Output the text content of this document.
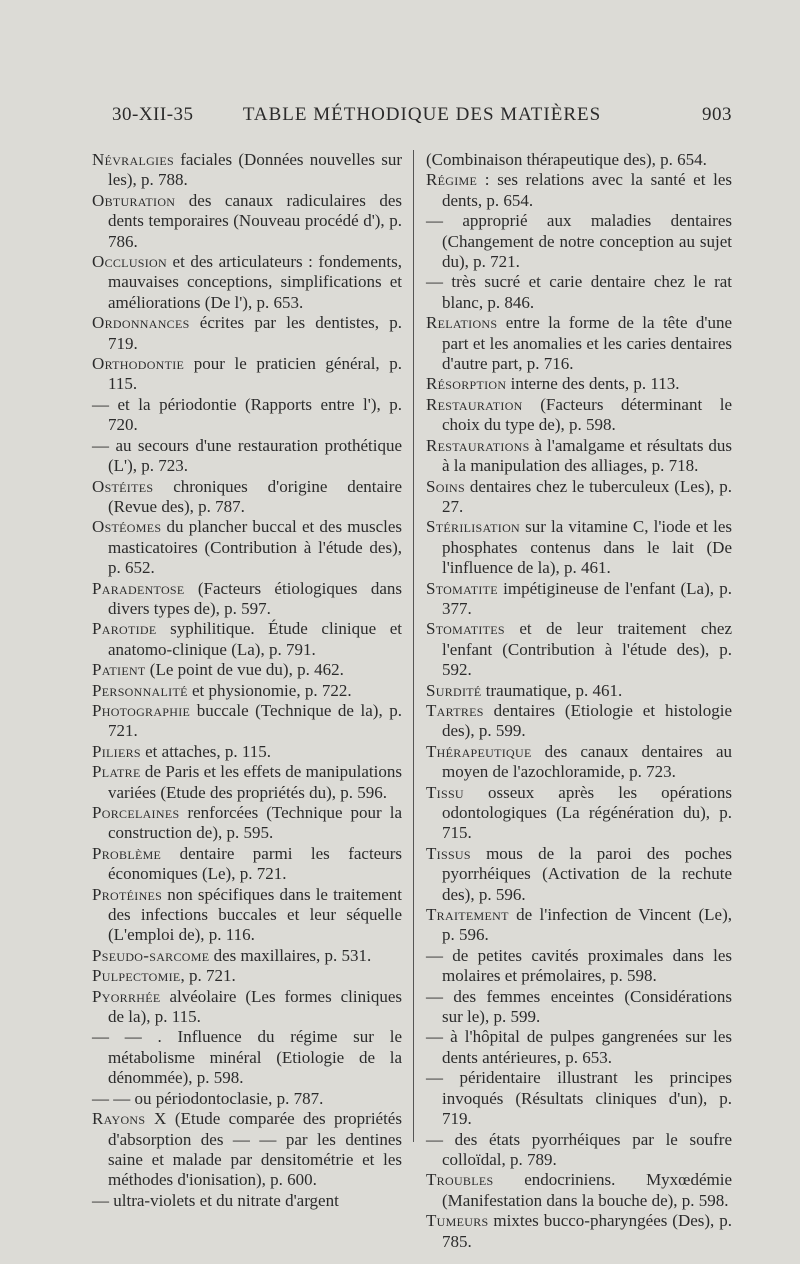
30-XII-35	TABLE MÉTHODIQUE DES MATIÈRES	903

Névralgies faciales (Données nouvelles sur les), p. 788.

Obturation des canaux radiculaires des dents temporaires (Nouveau procédé d'), p. 786.

Occlusion et des articulateurs : fondements, mauvaises conceptions, simplifications et améliorations (De l'), p. 653.

Ordonnances écrites par les dentistes, p. 719.

Orthodontie pour le praticien général, p. 115.

— et la périodontie (Rapports entre l'), p. 720.

— au secours d'une restauration prothétique (L'), p. 723.

Ostéites chroniques d'origine dentaire (Revue des), p. 787.

Ostéomes du plancher buccal et des muscles masticatoires (Contribution à l'étude des), p. 652.

Paradentose (Facteurs étiologiques dans divers types de), p. 597.

Parotide syphilitique. Étude clinique et anatomo-clinique (La), p. 791.

Patient (Le point de vue du), p. 462.

Personnalité et physionomie, p. 722.

Photographie buccale (Technique de la), p. 721.

Piliers et attaches, p. 115.

Platre de Paris et les effets de manipulations variées (Etude des propriétés du), p. 596.

Porcelaines renforcées (Technique pour la construction de), p. 595.

Problème dentaire parmi les facteurs économiques (Le), p. 721.

Protéines non spécifiques dans le traitement des infections buccales et leur séquelle (L'emploi de), p. 116.

Pseudo-sarcome des maxillaires, p. 531.

Pulpectomie, p. 721.

Pyorrhée alvéolaire (Les formes cliniques de la), p. 115.

— — . Influence du régime sur le métabolisme minéral (Etiologie de la dénommée), p. 598.

— — ou périodontoclasie, p. 787.

Rayons X (Etude comparée des propriétés d'absorption des — — par les dentines saine et malade par densitométrie et les méthodes d'ionisation), p. 600.

— ultra-violets et du nitrate d'argent

(Combinaison thérapeutique des), p. 654.

Régime : ses relations avec la santé et les dents, p. 654.

— approprié aux maladies dentaires (Changement de notre conception au sujet du), p. 721.

— très sucré et carie dentaire chez le rat blanc, p. 846.

Relations entre la forme de la tête d'une part et les anomalies et les caries dentaires d'autre part, p. 716.

Résorption interne des dents, p. 113.

Restauration (Facteurs déterminant le choix du type de), p. 598.

Restaurations à l'amalgame et résultats dus à la manipulation des alliages, p. 718.

Soins dentaires chez le tuberculeux (Les), p. 27.

Stérilisation sur la vitamine C, l'iode et les phosphates contenus dans le lait (De l'influence de la), p. 461.

Stomatite impétigineuse de l'enfant (La), p. 377.

Stomatites et de leur traitement chez l'enfant (Contribution à l'étude des), p. 592.

Surdité traumatique, p. 461.

Tartres dentaires (Etiologie et histologie des), p. 599.

Thérapeutique des canaux dentaires au moyen de l'azochloramide, p. 723.

Tissu osseux après les opérations odontologiques (La régénération du), p. 715.

Tissus mous de la paroi des poches pyorrhéiques (Activation de la rechute des), p. 596.

Traitement de l'infection de Vincent (Le), p. 596.

— de petites cavités proximales dans les molaires et prémolaires, p. 598.

— des femmes enceintes (Considérations sur le), p. 599.

— à l'hôpital de pulpes gangrenées sur les dents antérieures, p. 653.

— péridentaire illustrant les principes invoqués (Résultats cliniques d'un), p. 719.

— des états pyorrhéiques par le soufre colloïdal, p. 789.

Troubles endocriniens. Myxœdémie (Manifestation dans la bouche de), p. 598.

Tumeurs mixtes bucco-pharyngées (Des), p. 785.
